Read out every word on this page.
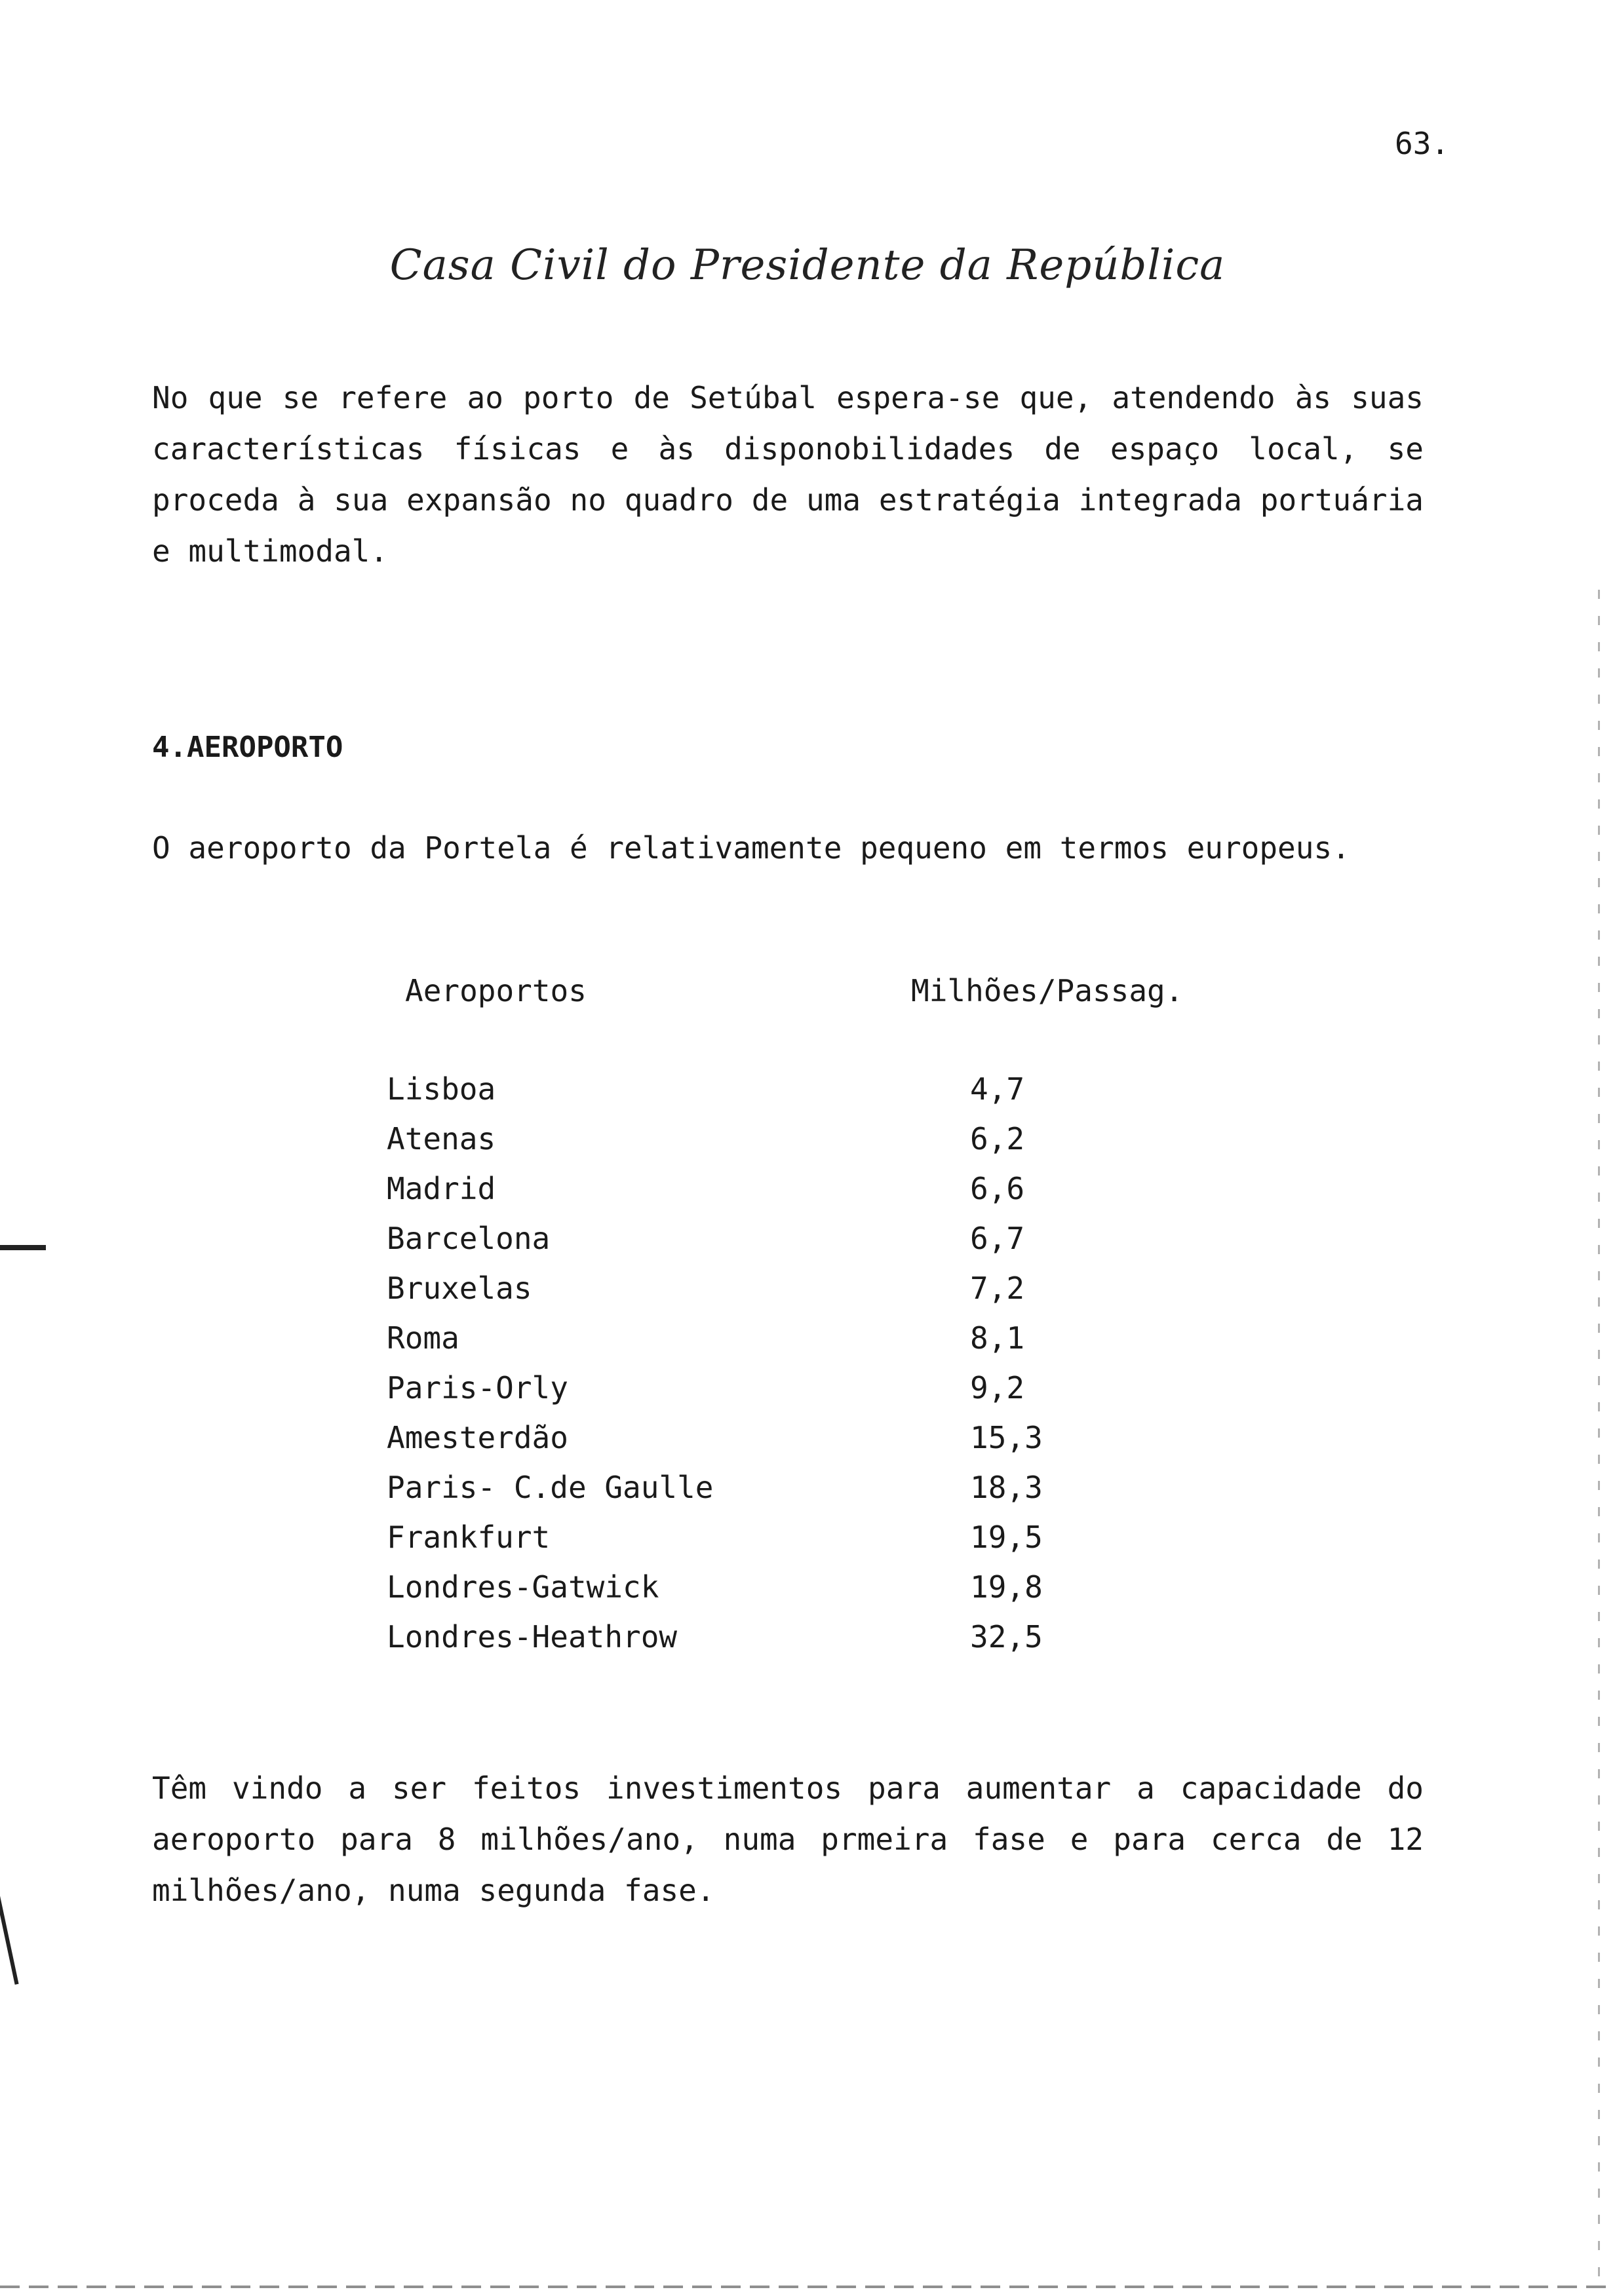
63.
Casa Civil do Presidente da República

No que se refere ao porto de Setúbal espera-se que, atendendo às suas características físicas e às disponobilidades de espaço local, se proceda à sua expansão no quadro de uma estratégia integrada portuária e multimodal.

4.AEROPORTO

O aeroporto da Portela é relativamente pequeno em termos europeus.

Aeroportos	Milhões/Passag.
Lisboa	4,7
Atenas	6,2
Madrid	6,6
Barcelona	6,7
Bruxelas	7,2
Roma	8,1
Paris-Orly	9,2
Amesterdão	15,3
Paris- C.de Gaulle	18,3
Frankfurt	19,5
Londres-Gatwick	19,8
Londres-Heathrow	32,5

Têm vindo a ser feitos investimentos para aumentar a capacidade do aeroporto para 8 milhões/ano, numa prmeira fase e para cerca de 12 milhões/ano, numa segunda fase.
